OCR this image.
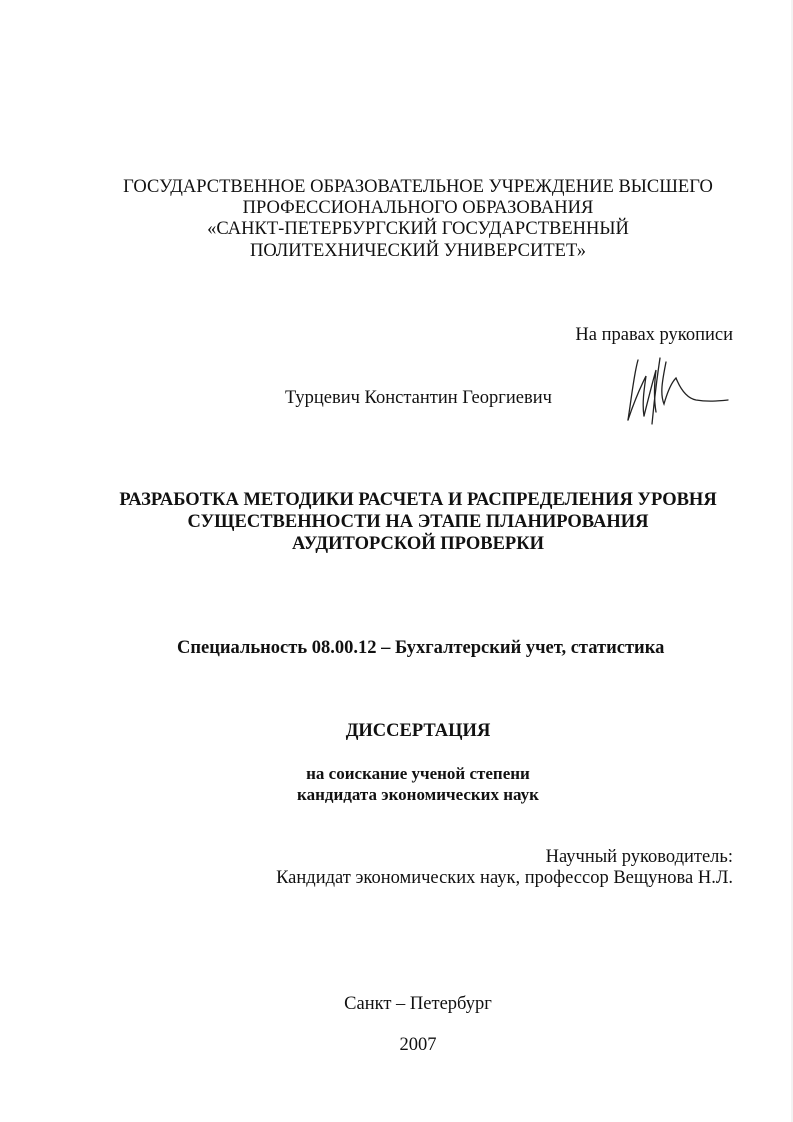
ГОСУДАРСТВЕННОЕ ОБРАЗОВАТЕЛЬНОЕ УЧРЕЖДЕНИЕ ВЫСШЕГО
ПРОФЕССИОНАЛЬНОГО ОБРАЗОВАНИЯ
«САНКТ-ПЕТЕРБУРГСКИЙ ГОСУДАРСТВЕННЫЙ
ПОЛИТЕХНИЧЕСКИЙ УНИВЕРСИТЕТ»
На правах рукописи
Турцевич Константин Георгиевич
РАЗРАБОТКА МЕТОДИКИ РАСЧЕТА И РАСПРЕДЕЛЕНИЯ УРОВНЯ
СУЩЕСТВЕННОСТИ НА ЭТАПЕ ПЛАНИРОВАНИЯ
АУДИТОРСКОЙ ПРОВЕРКИ
Специальность 08.00.12 – Бухгалтерский учет, статистика
ДИССЕРТАЦИЯ
на соискание ученой степени
кандидата экономических наук
Научный руководитель:
Кандидат экономических наук, профессор Вещунова Н.Л.
Санкт – Петербург
2007
